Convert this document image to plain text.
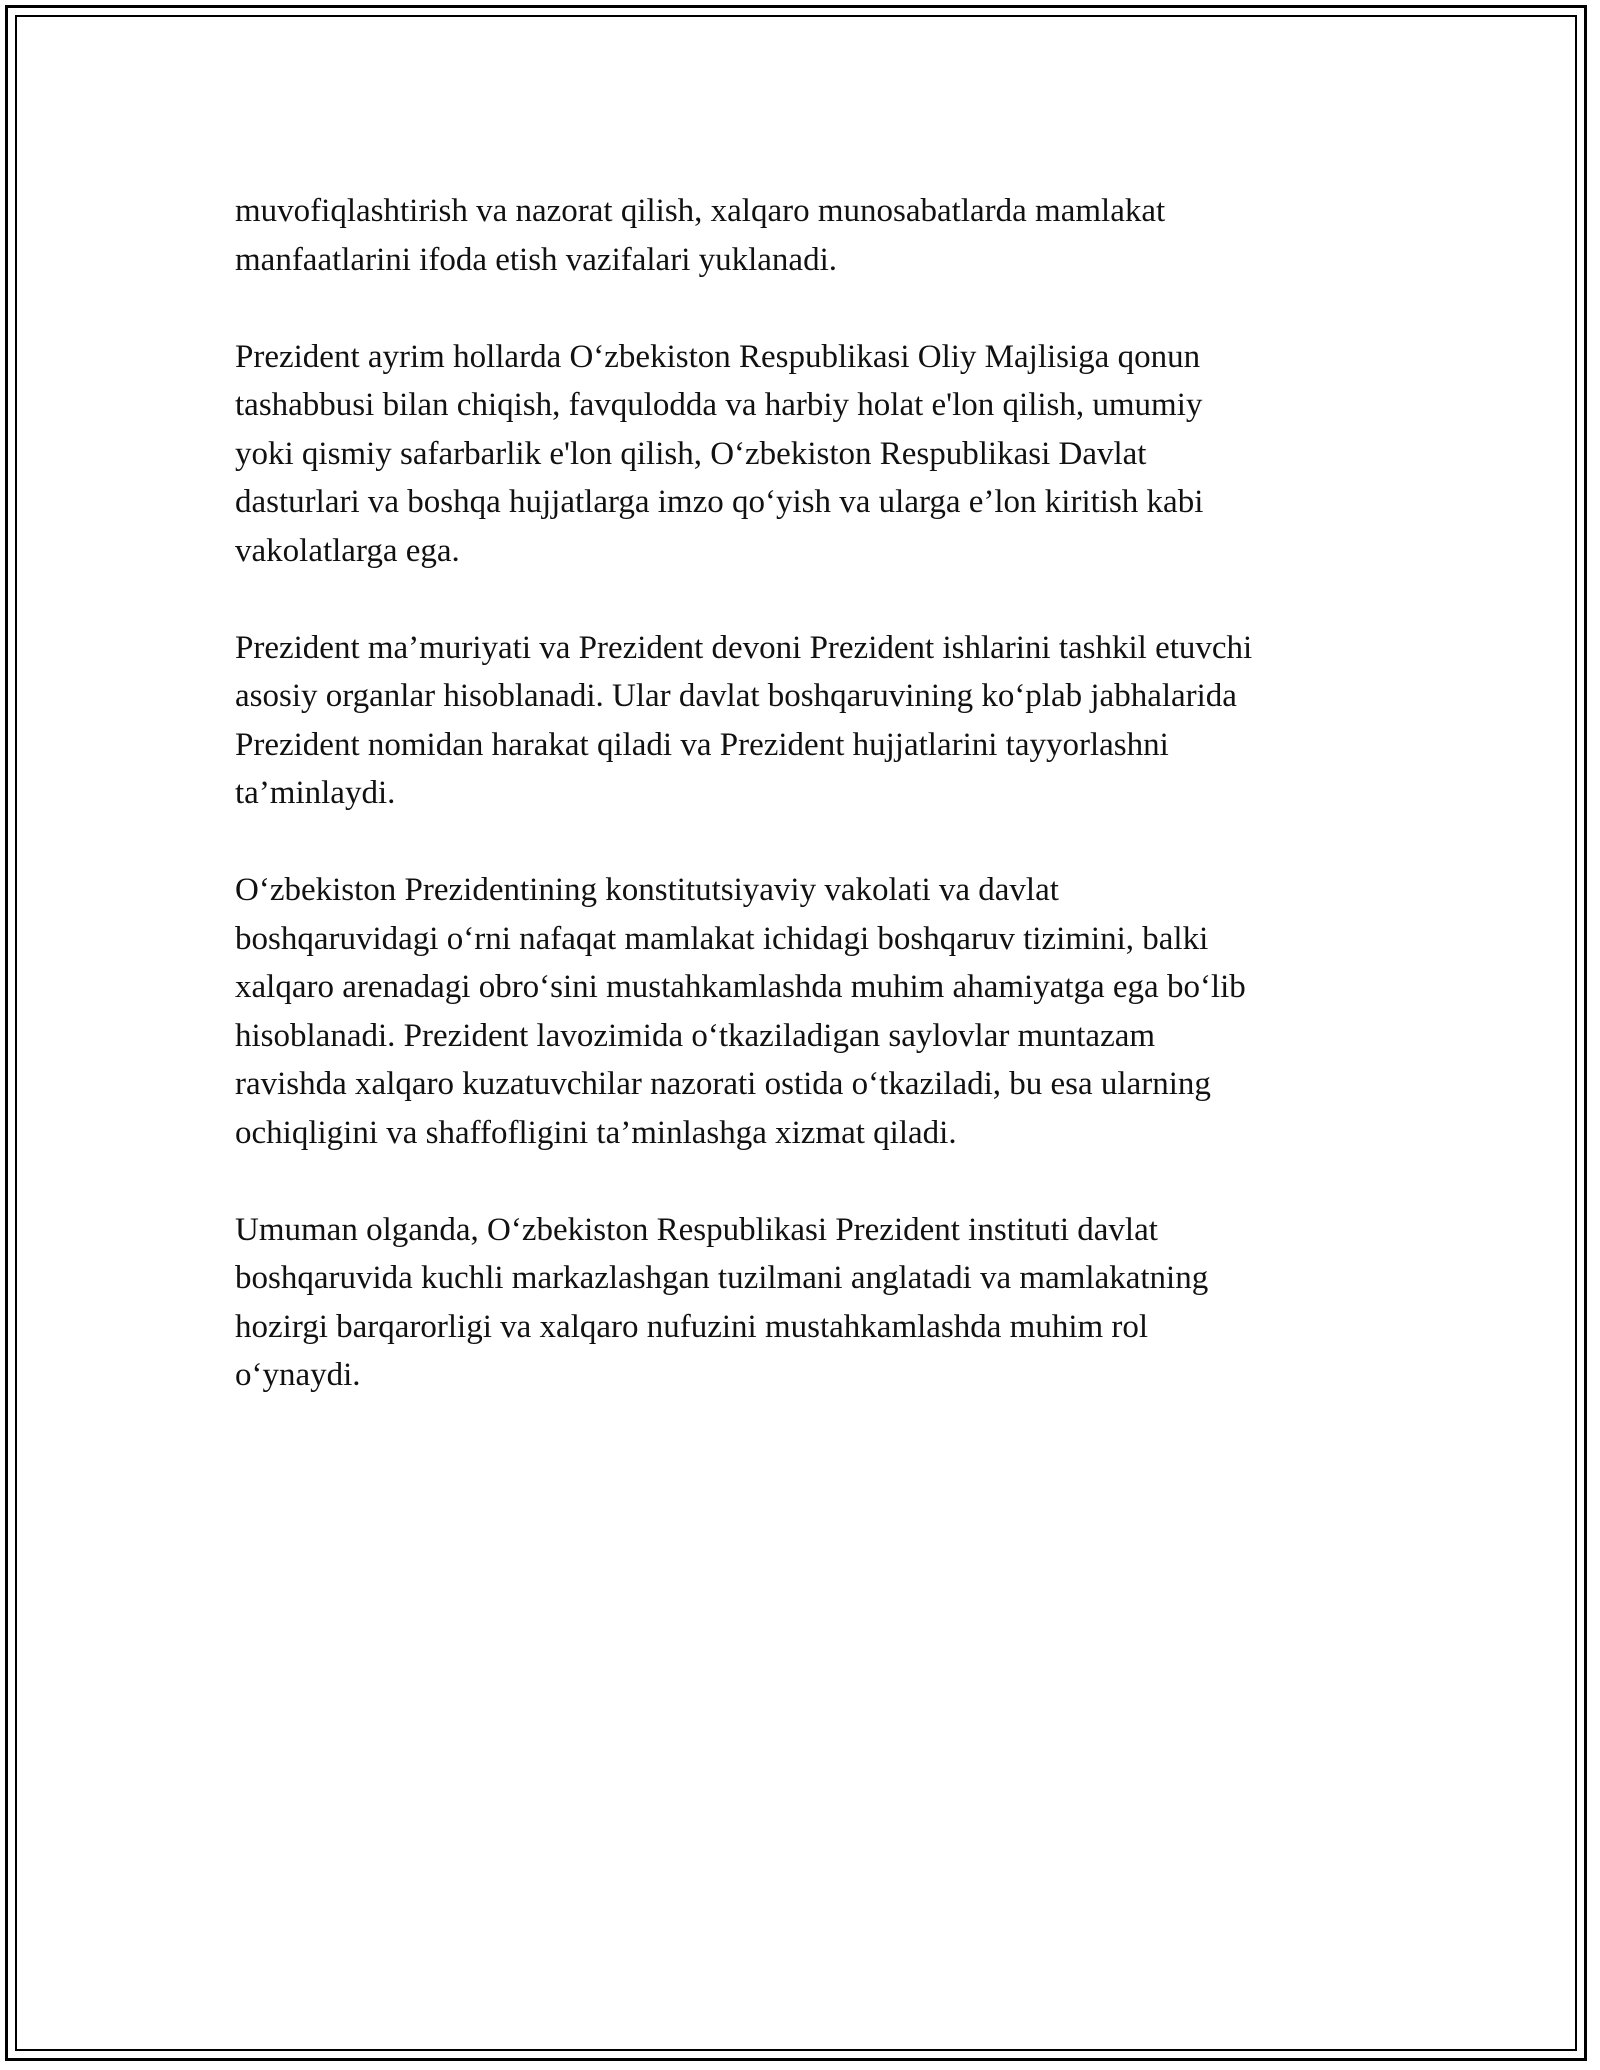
muvofiqlashtirish va nazorat qilish, xalqaro munosabatlarda mamlakat
manfaatlarini ifoda etish vazifalari yuklanadi.

Prezident ayrim hollarda O‘zbekiston Respublikasi Oliy Majlisiga qonun
tashabbusi bilan chiqish, favqulodda va harbiy holat e'lon qilish, umumiy
yoki qismiy safarbarlik e'lon qilish, O‘zbekiston Respublikasi Davlat
dasturlari va boshqa hujjatlarga imzo qo‘yish va ularga e’lon kiritish kabi
vakolatlarga ega.

Prezident ma’muriyati va Prezident devoni Prezident ishlarini tashkil etuvchi
asosiy organlar hisoblanadi. Ular davlat boshqaruvining ko‘plab jabhalarida
Prezident nomidan harakat qiladi va Prezident hujjatlarini tayyorlashni
ta’minlaydi.

O‘zbekiston Prezidentining konstitutsiyaviy vakolati va davlat
boshqaruvidagi o‘rni nafaqat mamlakat ichidagi boshqaruv tizimini, balki
xalqaro arenadagi obro‘sini mustahkamlashda muhim ahamiyatga ega bo‘lib
hisoblanadi. Prezident lavozimida o‘tkaziladigan saylovlar muntazam
ravishda xalqaro kuzatuvchilar nazorati ostida o‘tkaziladi, bu esa ularning
ochiqligini va shaffofligini ta’minlashga xizmat qiladi.

Umuman olganda, O‘zbekiston Respublikasi Prezident instituti davlat
boshqaruvida kuchli markazlashgan tuzilmani anglatadi va mamlakatning
hozirgi barqarorligi va xalqaro nufuzini mustahkamlashda muhim rol
o‘ynaydi.
